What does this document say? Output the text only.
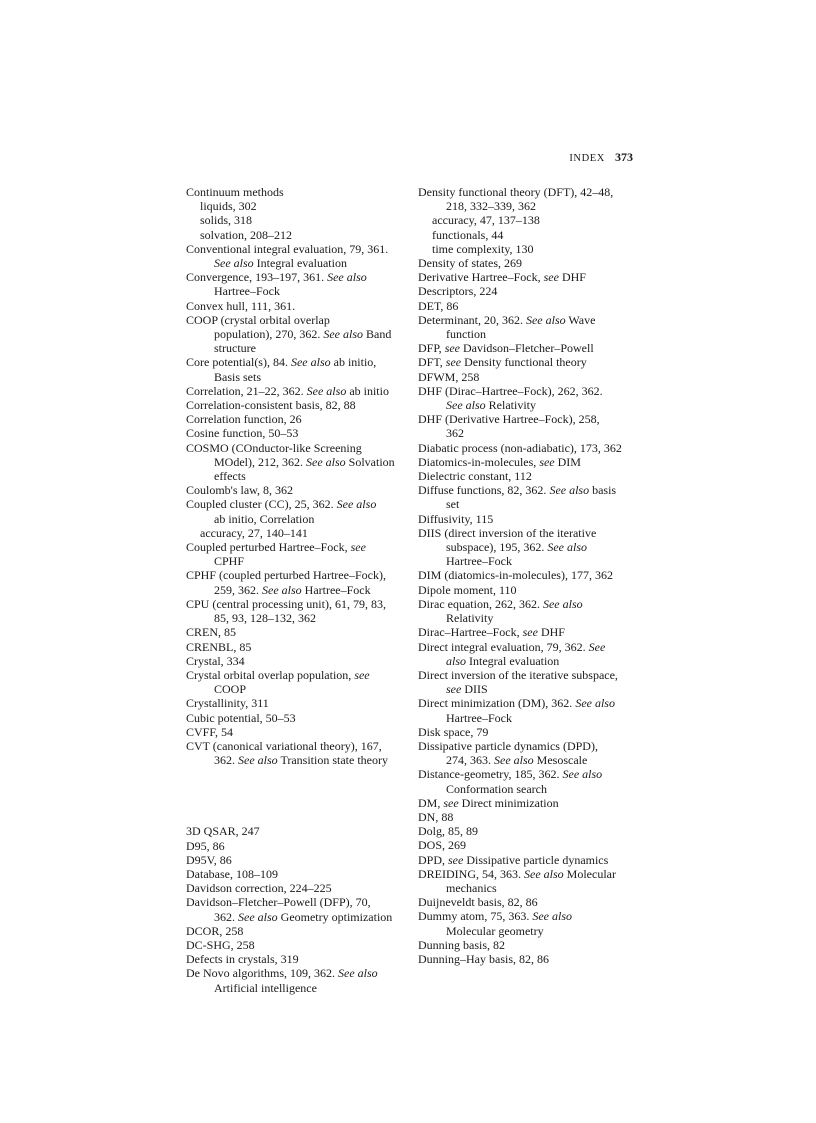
INDEX 373
Continuum methods
liquids, 302
solids, 318
solvation, 208–212
Conventional integral evaluation, 79, 361.
See also Integral evaluation
Convergence, 193–197, 361. See also
Hartree–Fock
Convex hull, 111, 361.
COOP (crystal orbital overlap
population), 270, 362. See also Band
structure
Core potential(s), 84. See also ab initio,
Basis sets
Correlation, 21–22, 362. See also ab initio
Correlation-consistent basis, 82, 88
Correlation function, 26
Cosine function, 50–53
COSMO (COnductor-like Screening
MOdel), 212, 362. See also Solvation
effects
Coulomb's law, 8, 362
Coupled cluster (CC), 25, 362. See also
ab initio, Correlation
accuracy, 27, 140–141
Coupled perturbed Hartree–Fock, see
CPHF
CPHF (coupled perturbed Hartree–Fock),
259, 362. See also Hartree–Fock
CPU (central processing unit), 61, 79, 83,
85, 93, 128–132, 362
CREN, 85
CRENBL, 85
Crystal, 334
Crystal orbital overlap population, see
COOP
Crystallinity, 311
Cubic potential, 50–53
CVFF, 54
CVT (canonical variational theory), 167,
362. See also Transition state theory
3D QSAR, 247
D95, 86
D95V, 86
Database, 108–109
Davidson correction, 224–225
Davidson–Fletcher–Powell (DFP), 70,
362. See also Geometry optimization
DCOR, 258
DC-SHG, 258
Defects in crystals, 319
De Novo algorithms, 109, 362. See also
Artificial intelligence
Density functional theory (DFT), 42–48,
218, 332–339, 362
accuracy, 47, 137–138
functionals, 44
time complexity, 130
Density of states, 269
Derivative Hartree–Fock, see DHF
Descriptors, 224
DET, 86
Determinant, 20, 362. See also Wave
function
DFP, see Davidson–Fletcher–Powell
DFT, see Density functional theory
DFWM, 258
DHF (Dirac–Hartree–Fock), 262, 362.
See also Relativity
DHF (Derivative Hartree–Fock), 258,
362
Diabatic process (non-adiabatic), 173, 362
Diatomics-in-molecules, see DIM
Dielectric constant, 112
Diffuse functions, 82, 362. See also basis
set
Diffusivity, 115
DIIS (direct inversion of the iterative
subspace), 195, 362. See also
Hartree–Fock
DIM (diatomics-in-molecules), 177, 362
Dipole moment, 110
Dirac equation, 262, 362. See also
Relativity
Dirac–Hartree–Fock, see DHF
Direct integral evaluation, 79, 362. See
also Integral evaluation
Direct inversion of the iterative subspace,
see DIIS
Direct minimization (DM), 362. See also
Hartree–Fock
Disk space, 79
Dissipative particle dynamics (DPD),
274, 363. See also Mesoscale
Distance-geometry, 185, 362. See also
Conformation search
DM, see Direct minimization
DN, 88
Dolg, 85, 89
DOS, 269
DPD, see Dissipative particle dynamics
DREIDING, 54, 363. See also Molecular
mechanics
Duijneveldt basis, 82, 86
Dummy atom, 75, 363. See also
Molecular geometry
Dunning basis, 82
Dunning–Hay basis, 82, 86
